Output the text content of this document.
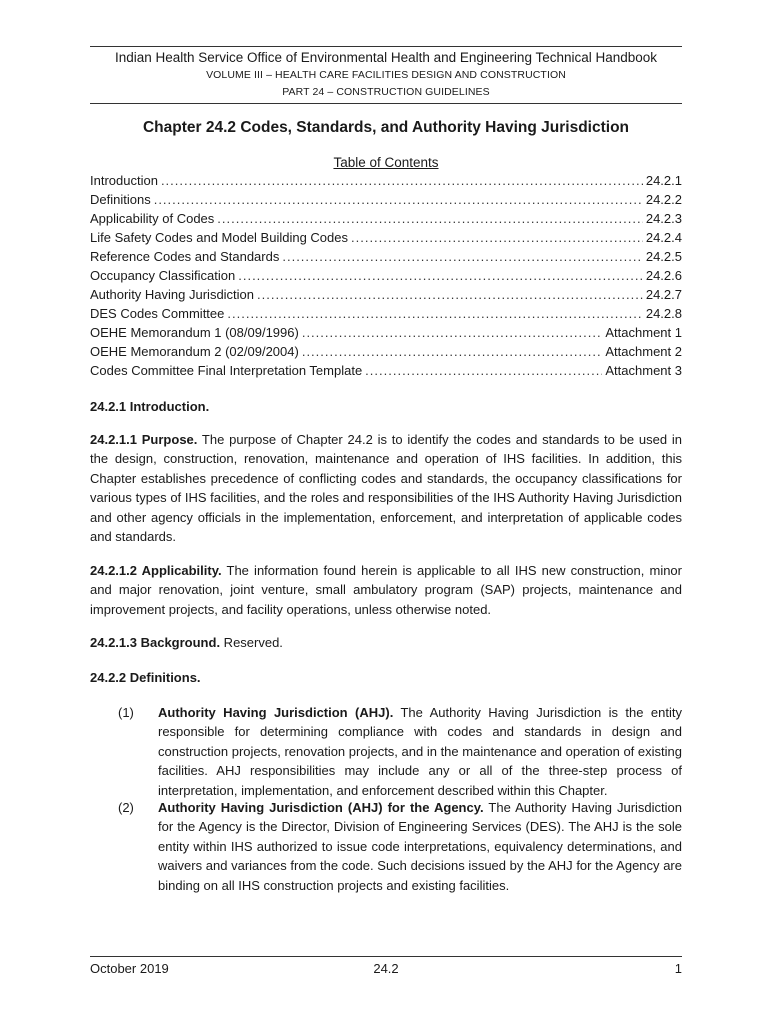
Indian Health Service Office of Environmental Health and Engineering Technical Handbook
VOLUME III – HEALTH CARE FACILITIES DESIGN AND CONSTRUCTION
PART 24 – CONSTRUCTION GUIDELINES
Chapter 24.2 Codes, Standards, and Authority Having Jurisdiction
Table of Contents
Introduction .....	24.2.1
Definitions .....	24.2.2
Applicability of Codes .....	24.2.3
Life Safety Codes and Model Building Codes .....	24.2.4
Reference Codes and Standards .....	24.2.5
Occupancy Classification .....	24.2.6
Authority Having Jurisdiction .....	24.2.7
DES Codes Committee .....	24.2.8
OEHE Memorandum 1 (08/09/1996) .....	Attachment 1
OEHE Memorandum 2 (02/09/2004) .....	Attachment 2
Codes Committee Final Interpretation Template .....	Attachment 3
24.2.1 Introduction.
24.2.1.1 Purpose. The purpose of Chapter 24.2 is to identify the codes and standards to be used in the design, construction, renovation, maintenance and operation of IHS facilities. In addition, this Chapter establishes precedence of conflicting codes and standards, the occupancy classifications for various types of IHS facilities, and the roles and responsibilities of the IHS Authority Having Jurisdiction and other agency officials in the implementation, enforcement, and interpretation of applicable codes and standards.
24.2.1.2 Applicability. The information found herein is applicable to all IHS new construction, minor and major renovation, joint venture, small ambulatory program (SAP) projects, maintenance and improvement projects, and facility operations, unless otherwise noted.
24.2.1.3 Background. Reserved.
24.2.2 Definitions.
(1) Authority Having Jurisdiction (AHJ). The Authority Having Jurisdiction is the entity responsible for determining compliance with codes and standards in design and construction projects, renovation projects, and in the maintenance and operation of existing facilities. AHJ responsibilities may include any or all of the three-step process of interpretation, implementation, and enforcement described within this Chapter.
(2) Authority Having Jurisdiction (AHJ) for the Agency. The Authority Having Jurisdiction for the Agency is the Director, Division of Engineering Services (DES). The AHJ is the sole entity within IHS authorized to issue code interpretations, equivalency determinations, and waivers and variances from the code. Such decisions issued by the AHJ for the Agency are binding on all IHS construction projects and existing facilities.
October 2019	24.2	1
